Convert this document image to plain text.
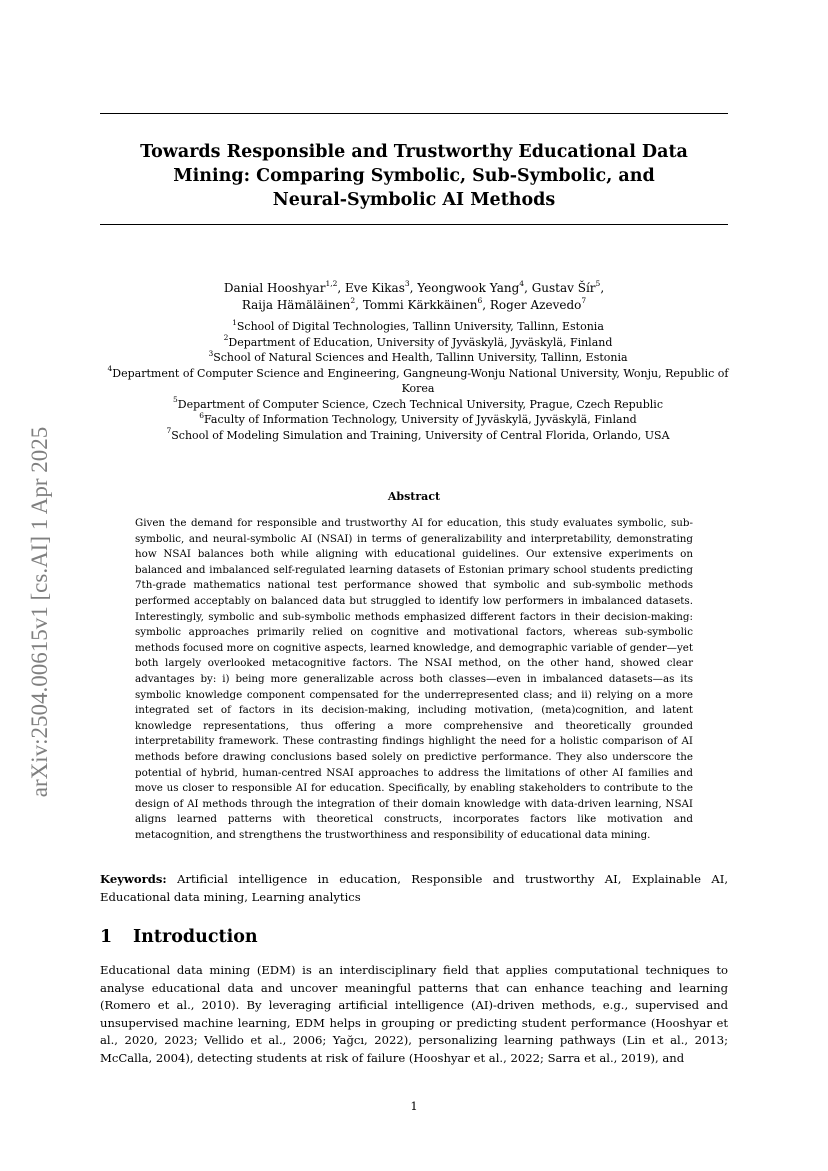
arXiv:2504.00615v1 [cs.AI] 1 Apr 2025
Towards Responsible and Trustworthy Educational Data
Mining: Comparing Symbolic, Sub-Symbolic, and
Neural-Symbolic AI Methods
Danial Hooshyar$^{1,2}$, Eve Kikas$^3$, Yeongwook Yang$^4$, Gustav Šír$^5$,
Raija Hämäläinen$^2$, Tommi Kärkkäinen$^6$, Roger Azevedo$^7$
$^1$School of Digital Technologies, Tallinn University, Tallinn, Estonia
$^2$Department of Education, University of Jyväskylä, Jyväskylä, Finland
$^3$School of Natural Sciences and Health, Tallinn University, Tallinn, Estonia
$^4$Department of Computer Science and Engineering, Gangneung-Wonju National University, Wonju, Republic of Korea
$^5$Department of Computer Science, Czech Technical University, Prague, Czech Republic
$^6$Faculty of Information Technology, University of Jyväskylä, Jyväskylä, Finland
$^7$School of Modeling Simulation and Training, University of Central Florida, Orlando, USA
Abstract
Given the demand for responsible and trustworthy AI for education, this study evaluates symbolic, sub-symbolic, and neural-symbolic AI (NSAI) in terms of generalizability and interpretability, demonstrating how NSAI balances both while aligning with educational guidelines. Our extensive experiments on balanced and imbalanced self-regulated learning datasets of Estonian primary school students predicting 7th-grade mathematics national test performance showed that symbolic and sub-symbolic methods performed acceptably on balanced data but struggled to identify low performers in imbalanced datasets. Interestingly, symbolic and sub-symbolic methods emphasized different factors in their decision-making: symbolic approaches primarily relied on cognitive and motivational factors, whereas sub-symbolic methods focused more on cognitive aspects, learned knowledge, and demographic variable of gender—yet both largely overlooked metacognitive factors. The NSAI method, on the other hand, showed clear advantages by: i) being more generalizable across both classes—even in imbalanced datasets—as its symbolic knowledge component compensated for the underrepresented class; and ii) relying on a more integrated set of factors in its decision-making, including motivation, (meta)cognition, and latent knowledge representations, thus offering a more comprehensive and theoretically grounded interpretability framework. These contrasting findings highlight the need for a holistic comparison of AI methods before drawing conclusions based solely on predictive performance. They also underscore the potential of hybrid, human-centred NSAI approaches to address the limitations of other AI families and move us closer to responsible AI for education. Specifically, by enabling stakeholders to contribute to the design of AI methods through the integration of their domain knowledge with data-driven learning, NSAI aligns learned patterns with theoretical constructs, incorporates factors like motivation and metacognition, and strengthens the trustworthiness and responsibility of educational data mining.
Keywords: Artificial intelligence in education, Responsible and trustworthy AI, Explainable AI, Educational data mining, Learning analytics
1 Introduction
Educational data mining (EDM) is an interdisciplinary field that applies computational techniques to analyse educational data and uncover meaningful patterns that can enhance teaching and learning (Romero et al., 2010). By leveraging artificial intelligence (AI)-driven methods, e.g., supervised and unsupervised machine learning, EDM helps in grouping or predicting student performance (Hooshyar et al., 2020, 2023; Vellido et al., 2006; Yağcı, 2022), personalizing learning pathways (Lin et al., 2013; McCalla, 2004), detecting students at risk of failure (Hooshyar et al., 2022; Sarra et al., 2019), and
1
